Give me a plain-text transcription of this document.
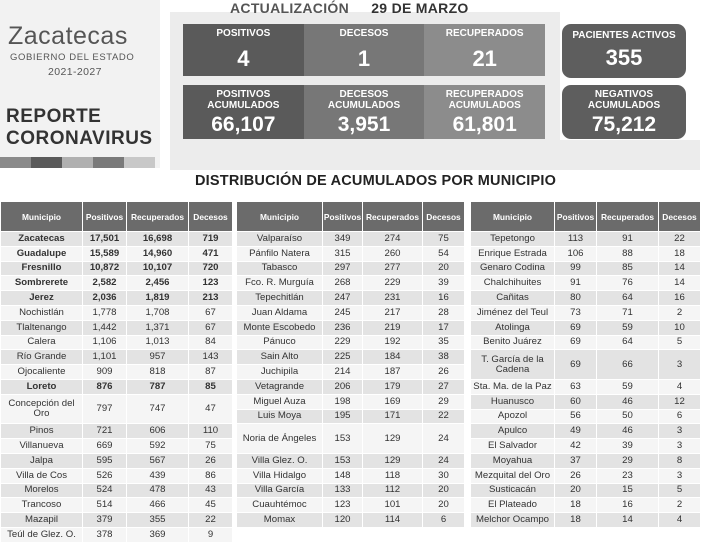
Zacatecas
GOBIERNO DEL ESTADO
2021-2027
REPORTE
CORONAVIRUS
ACTUALIZACIÓN 29 DE MARZO
POSITIVOS
4
DECESOS
1
RECUPERADOS
21
POSITIVOS ACUMULADOS
66,107
DECESOS ACUMULADOS
3,951
RECUPERADOS ACUMULADOS
61,801
PACIENTES ACTIVOS
355
NEGATIVOS ACUMULADOS
75,212
DISTRIBUCIÓN DE ACUMULADOS POR MUNICIPIO
Municipio	Positivos	Recuperados	Decesos
Zacatecas	17,501	16,698	719
Guadalupe	15,589	14,960	471
Fresnillo	10,872	10,107	720
Sombrerete	2,582	2,456	123
Jerez	2,036	1,819	213
Nochistlán	1,778	1,708	67
Tlaltenango	1,442	1,371	67
Calera	1,106	1,013	84
Río Grande	1,101	957	143
Ojocaliente	909	818	87
Loreto	876	787	85
Concepción del Oro	797	747	47
Pinos	721	606	110
Villanueva	669	592	75
Jalpa	595	567	26
Villa de Cos	526	439	86
Morelos	524	478	43
Trancoso	514	466	45
Mazapil	379	355	22
Teúl de Glez. O.	378	369	9
Municipio	Positivos	Recuperados	Decesos
Valparaíso	349	274	75
Pánfilo Natera	315	260	54
Tabasco	297	277	20
Fco. R. Murguía	268	229	39
Tepechitlán	247	231	16
Juan Aldama	245	217	28
Monte Escobedo	236	219	17
Pánuco	229	192	35
Sain Alto	225	184	38
Juchipila	214	187	26
Vetagrande	206	179	27
Miguel Auza	198	169	29
Luis Moya	195	171	22
Noria de Ángeles	153	129	24
Villa Glez. O.	153	129	24
Villa Hidalgo	148	118	30
Villa García	133	112	20
Cuauhtémoc	123	101	20
Momax	120	114	6
Municipio	Positivos	Recuperados	Decesos
Tepetongo	113	91	22
Enrique Estrada	106	88	18
Genaro Codina	99	85	14
Chalchihuites	91	76	14
Cañitas	80	64	16
Jiménez del Teul	73	71	2
Atolinga	69	59	10
Benito Juárez	69	64	5
T. García de la Cadena	69	66	3
Sta. Ma. de la Paz	63	59	4
Huanusco	60	46	12
Apozol	56	50	6
Apulco	49	46	3
El Salvador	42	39	3
Moyahua	37	29	8
Mezquital del Oro	26	23	3
Susticacán	20	15	5
El Plateado	18	16	2
Melchor Ocampo	18	14	4
